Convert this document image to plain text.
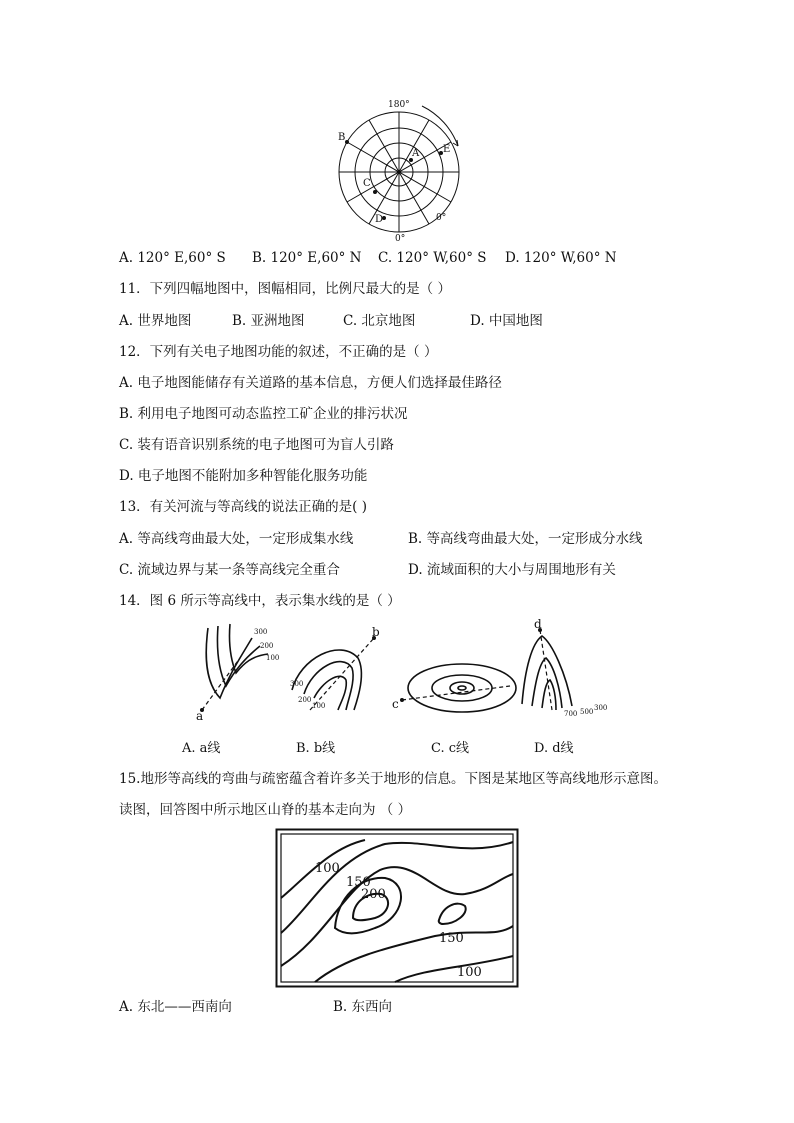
180°
0°
0°
B
A
C
D
E
A. 120° E,60° S B. 120° E,60° N C. 120° W,60° S D. 120° W,60° N
11．下列四幅地图中，图幅相同，比例尺最大的是（ ）
A. 世界地图	B. 亚洲地图	C. 北京地图	D. 中国地图
12．下列有关电子地图功能的叙述，不正确的是（ ）
A. 电子地图能储存有关道路的基本信息，方便人们选择最佳路径
B. 利用电子地图可动态监控工矿企业的排污状况
C. 装有语音识别系统的电子地图可为盲人引路
D. 电子地图不能附加多种智能化服务功能
13．有关河流与等高线的说法正确的是( )
A. 等高线弯曲最大处，一定形成集水线	B. 等高线弯曲最大处，一定形成分水线
C. 流域边界与某一条等高线完全重合	D. 流域面积的大小与周围地形有关
14．图 6 所示等高线中，表示集水线的是（ ）
a
300
200
100
b
300
200
100	c
d
700 500 300
A. a线	B. b线	C. c线	D. d线
15.地形等高线的弯曲与疏密蕴含着许多关于地形的信息。下图是某地区等高线地形示意图。
读图，回答图中所示地区山脊的基本走向为 （ ）
100
150
200
150
100
A. 东北——西南向	B. 东西向
